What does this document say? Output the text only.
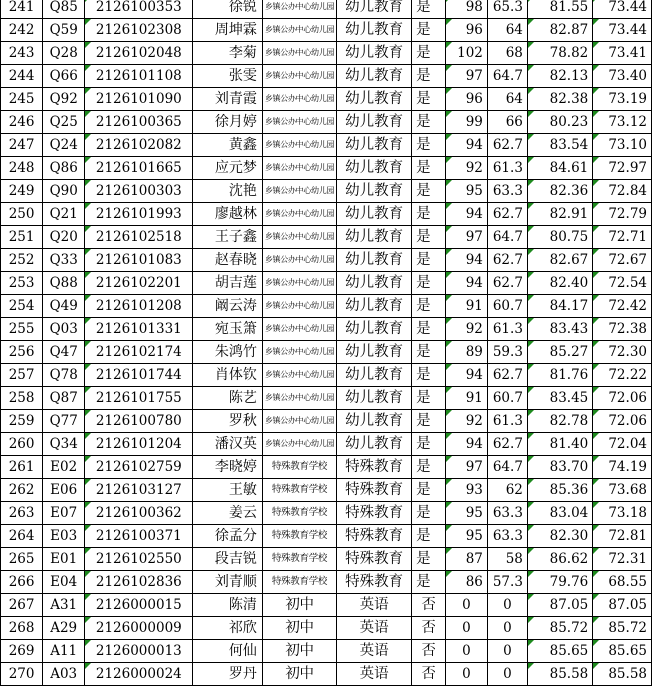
241	Q85	2126100353	徐锐	乡镇公办中心幼儿园	幼儿教育	是	98	65.3	81.55	73.44
242	Q59	2126102308	周坤霖	乡镇公办中心幼儿园	幼儿教育	是	96	64	82.87	73.44
243	Q28	2126102048	李菊	乡镇公办中心幼儿园	幼儿教育	是	102	68	78.82	73.41
244	Q66	2126101108	张雯	乡镇公办中心幼儿园	幼儿教育	是	97	64.7	82.13	73.40
245	Q92	2126101090	刘青霞	乡镇公办中心幼儿园	幼儿教育	是	96	64	82.38	73.19
246	Q25	2126100365	徐月婷	乡镇公办中心幼儿园	幼儿教育	是	99	66	80.23	73.12
247	Q24	2126102082	黄鑫	乡镇公办中心幼儿园	幼儿教育	是	94	62.7	83.54	73.10
248	Q86	2126101665	应元梦	乡镇公办中心幼儿园	幼儿教育	是	92	61.3	84.61	72.97
249	Q90	2126100303	沈艳	乡镇公办中心幼儿园	幼儿教育	是	95	63.3	82.36	72.84
250	Q21	2126101993	廖越林	乡镇公办中心幼儿园	幼儿教育	是	94	62.7	82.91	72.79
251	Q20	2126102518	王子鑫	乡镇公办中心幼儿园	幼儿教育	是	97	64.7	80.75	72.71
252	Q33	2126101083	赵春晓	乡镇公办中心幼儿园	幼儿教育	是	94	62.7	82.67	72.67
253	Q88	2126102201	胡吉莲	乡镇公办中心幼儿园	幼儿教育	是	94	62.7	82.40	72.54
254	Q49	2126101208	阚云涛	乡镇公办中心幼儿园	幼儿教育	是	91	60.7	84.17	72.42
255	Q03	2126101331	宛玉箫	乡镇公办中心幼儿园	幼儿教育	是	92	61.3	83.43	72.38
256	Q47	2126102174	朱鸿竹	乡镇公办中心幼儿园	幼儿教育	是	89	59.3	85.27	72.30
257	Q78	2126101744	肖体钦	乡镇公办中心幼儿园	幼儿教育	是	94	62.7	81.76	72.22
258	Q87	2126101755	陈艺	乡镇公办中心幼儿园	幼儿教育	是	91	60.7	83.45	72.06
259	Q77	2126100780	罗秋	乡镇公办中心幼儿园	幼儿教育	是	92	61.3	82.78	72.06
260	Q34	2126101204	潘汉英	乡镇公办中心幼儿园	幼儿教育	是	94	62.7	81.40	72.04
261	E02	2126102759	李晓婷	特殊教育学校	特殊教育	是	97	64.7	83.70	74.19
262	E06	2126103127	王敏	特殊教育学校	特殊教育	是	93	62	85.36	73.68
263	E07	2126100362	姜云	特殊教育学校	特殊教育	是	95	63.3	83.04	73.18
264	E03	2126100371	徐孟分	特殊教育学校	特殊教育	是	95	63.3	82.30	72.81
265	E01	2126102550	段吉锐	特殊教育学校	特殊教育	是	87	58	86.62	72.31
266	E04	2126102836	刘青顺	特殊教育学校	特殊教育	是	86	57.3	79.76	68.55
267	A31	2126000015	陈清	初中	英语	否	0	0	87.05	87.05
268	A29	2126000009	祁欣	初中	英语	否	0	0	85.72	85.72
269	A11	2126000013	何仙	初中	英语	否	0	0	85.65	85.65
270	A03	2126000024	罗丹	初中	英语	否	0	0	85.58	85.58
